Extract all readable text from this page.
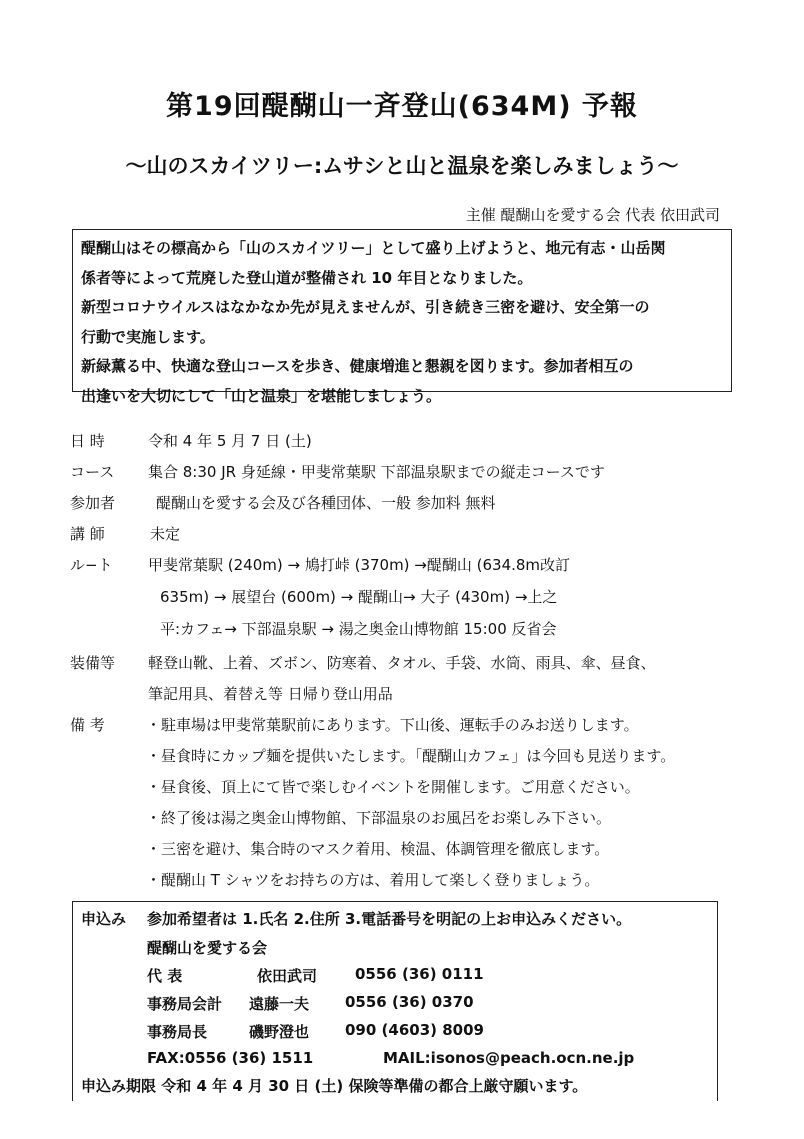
第19回醍醐山一斉登山(634M) 予報
〜山のスカイツリー:ムサシと山と温泉を楽しみましょう〜
主催 醍醐山を愛する会 代表 依田武司

醍醐山はその標高から「山のスカイツリー」として盛り上げようと、地元有志・山岳関

係者等によって荒廃した登山道が整備され 10 年目となりました。

新型コロナウイルスはなかなか先が見えませんが、引き続き三密を避け、安全第一の

行動で実施します。

新緑薫る中、快適な登山コースを歩き、健康増進と懇親を図ります。参加者相互の

出逢いを大切にして「山と温泉」を堪能しましょう。

日 時	令和 4 年 5 月 7 日 (土)
コース 集合 8:30 JR 身延線・甲斐常葉駅 下部温泉駅までの縦走コースです
参加者	醍醐山を愛する会及び各種団体、一般 参加料 無料
講 師	未定
ル−ト 甲斐常葉駅 (240m) → 鳩打峠 (370m) →醍醐山 (634.8m改訂
635m) → 展望台 (600m) → 醍醐山→ 大子 (430m) →上之
平:カフェ→ 下部温泉駅 → 湯之奥金山博物館 15:00 反省会
装備等 軽登山靴、上着、ズボン、防寒着、タオル、手袋、水筒、雨具、傘、昼食、
筆記用具、着替え等 日帰り登山用品
備 考	・駐車場は甲斐常葉駅前にあります。下山後、運転手のみお送りします。
・昼食時にカップ麺を提供いたします。「醍醐山カフェ」は今回も見送ります。
・昼食後、頂上にて皆で楽しむイベントを開催します。ご用意ください。
・終了後は湯之奥金山博物館、下部温泉のお風呂をお楽しみ下さい。
・三密を避け、集合時のマスク着用、検温、体調管理を徹底します。
・醍醐山 T シャツをお持ちの方は、着用して楽しく登りましょう。
申込み 参加希望者は 1.氏名 2.住所 3.電話番号を明記の上お申込みください。
醍醐山を愛する会
代 表	依田武司	0556 (36) 0111
事務局会計 遠藤一夫 0556 (36) 0370
事務局長	磯野澄也 090 (4603) 8009
FAX:0556 (36) 1511	MAIL:isonos@peach.ocn.ne.jp
申込み期限 令和 4 年 4 月 30 日 (土) 保険等準備の都合上厳守願います。
